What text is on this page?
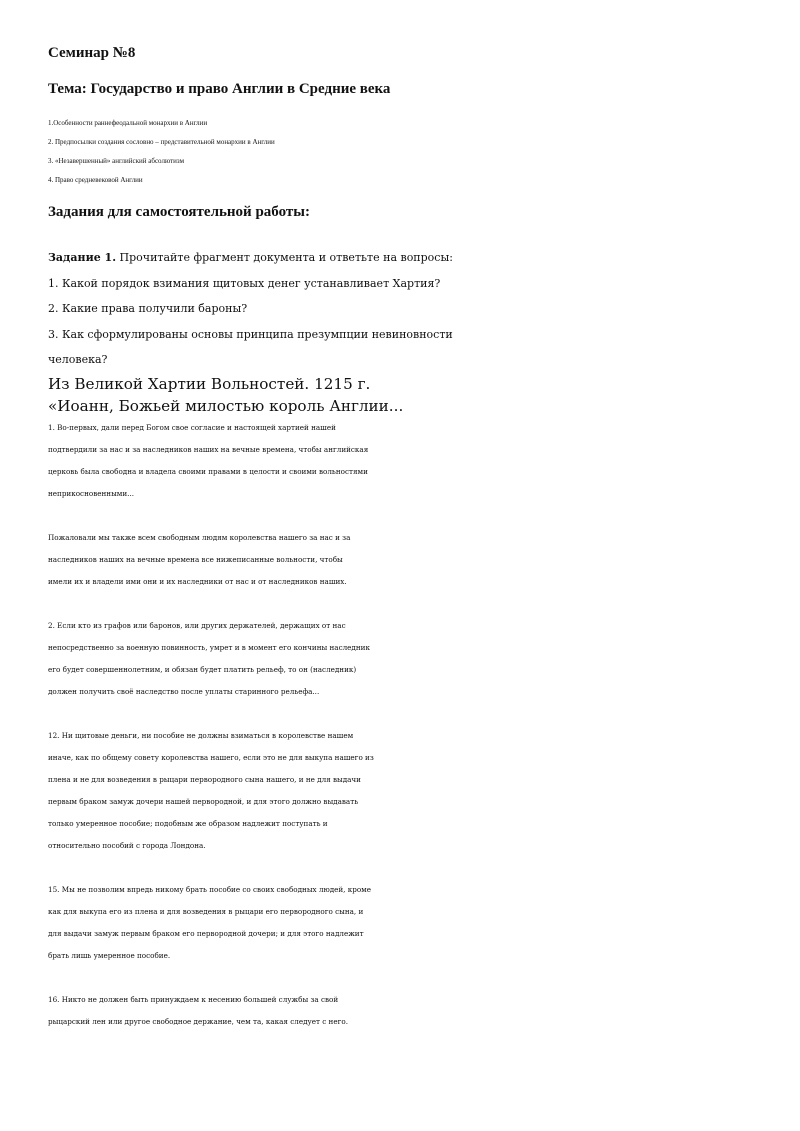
Семинар №8

Тема: Государство и право Англии в Средние века

1.Особенности раннефеодальной монархии в Англии
2. Предпосылки создания сословно – представительной монархии в Англии
3. «Незавершенный» английский абсолютизм
4. Право средневековой Англии

Задания для самостоятельной работы:

Задание 1. Прочитайте фрагмент документа и ответьте на вопросы:
1. Какой порядок взимания щитовых денег устанавливает Хартия?
2. Какие права получили бароны?
3. Как сформулированы основы принципа презумпции невиновности
человека?

Из Великой Хартии Вольностей. 1215 г.

«Иоанн, Божьей милостью король Англии...

1. Во-первых, дали перед Богом свое согласие и настоящей хартией нашей
подтвердили за нас и за наследников наших на вечные времена, чтобы английская
церковь была свободна и владела своими правами в целости и своими вольностями
неприкосновенными...

Пожаловали мы также всем свободным людям королевства нашего за нас и за
наследников наших на вечные времена все нижеписанные вольности, чтобы
имели их и владели ими они и их наследники от нас и от наследников наших.

2. Если кто из графов или баронов, или других держателей, держащих от нас
непосредственно за военную повинность, умрет и в момент его кончины наследник
его будет совершеннолетним, и обязан будет платить рельеф, то он (наследник)
должен получить своё наследство после уплаты старинного рельефа...

12. Ни щитовые деньги, ни пособие не должны взиматься в королевстве нашем
иначе, как по общему совету королевства нашего, если это не для выкупа нашего из
плена и не для возведения в рыцари первородного сына нашего, и не для выдачи
первым браком замуж дочери нашей первородной, и для этого должно выдавать
только умеренное пособие; подобным же образом надлежит поступать и
относительно пособий с города Лондона.

15. Мы не позволим впредь никому брать пособие со своих свободных людей, кроме
как для выкупа его из плена и для возведения в рыцари его первородного сына, и
для выдачи замуж первым браком его первородной дочери; и для этого надлежит
брать лишь умеренное пособие.

16. Никто не должен быть принуждаем к несению большей службы за свой
рыцарский лен или другое свободное держание, чем та, какая следует с него.
